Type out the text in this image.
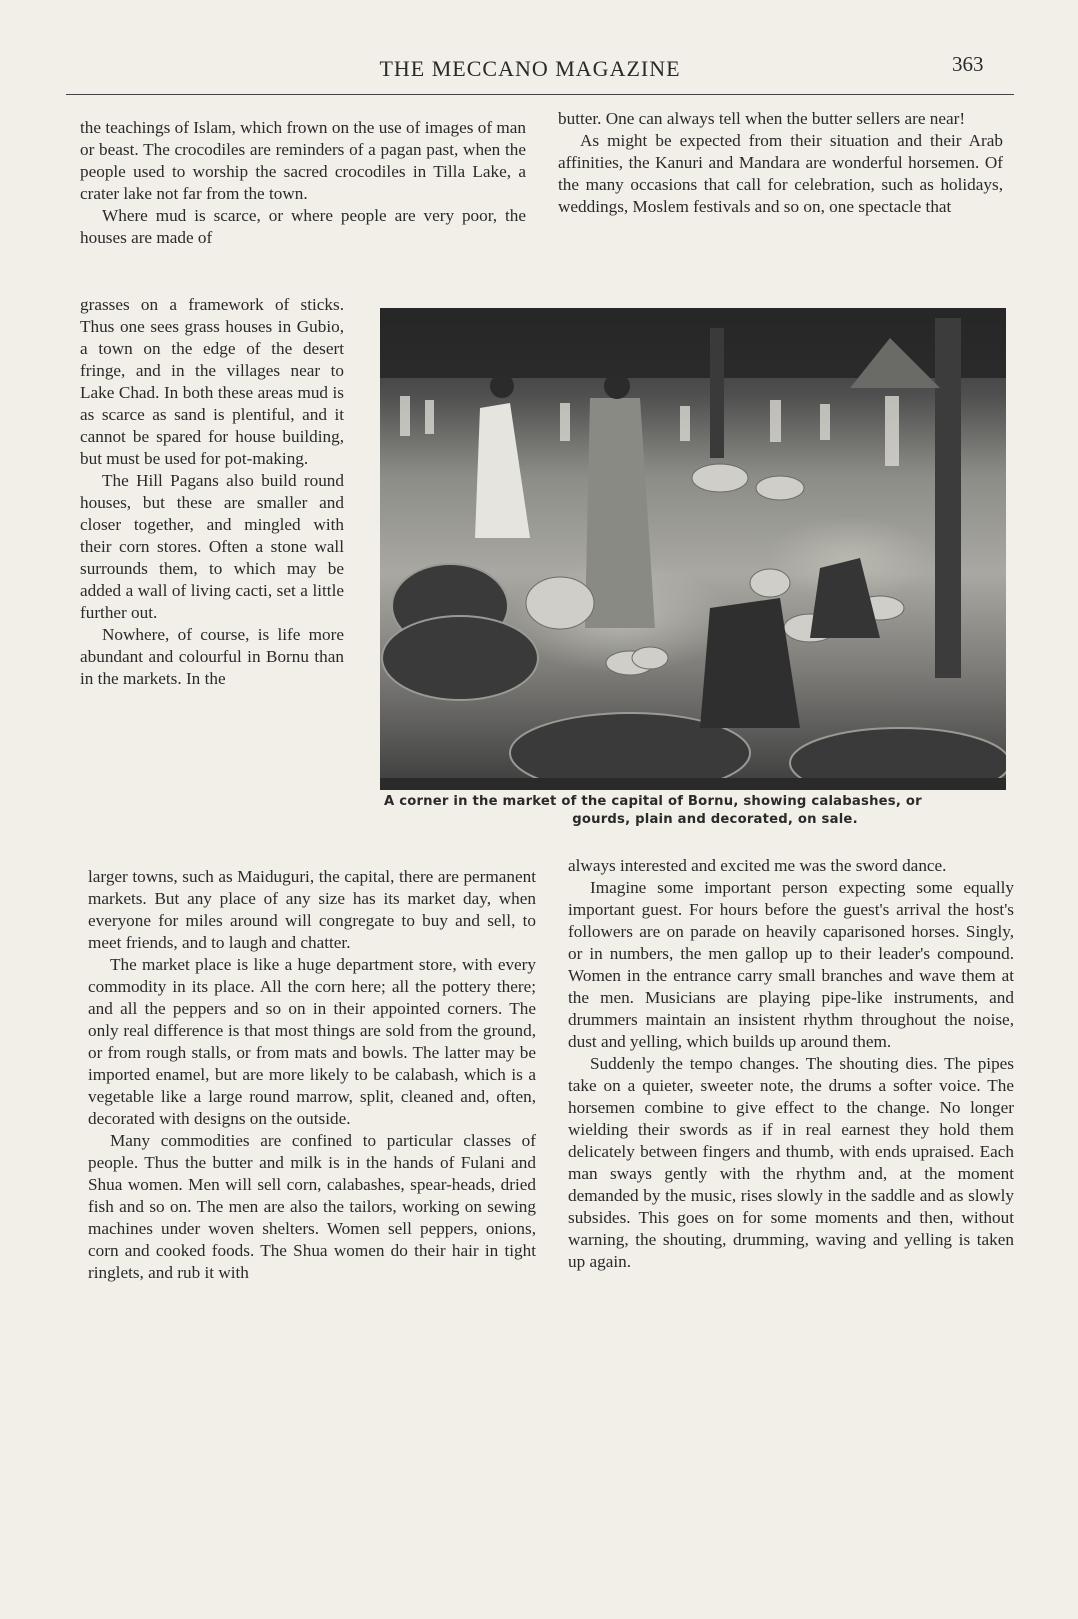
THE MECCANO MAGAZINE	363

the teachings of Islam, which frown on the use of images of man or beast. The crocodiles are reminders of a pagan past, when the people used to worship the sacred crocodiles in Tilla Lake, a crater lake not far from the town.

Where mud is scarce, or where people are very poor, the houses are made of

grasses on a framework of sticks. Thus one sees grass houses in Gubio, a town on the edge of the desert fringe, and in the villages near to Lake Chad. In both these areas mud is as scarce as sand is plentiful, and it cannot be spared for house building, but must be used for pot-making.

The Hill Pagans also build round houses, but these are smaller and closer together, and mingled with their corn stores. Often a stone wall surrounds them, to which may be added a wall of living cacti, set a little further out.

Nowhere, of course, is life more abundant and colourful in Bornu than in the markets. In the

larger towns, such as Maiduguri, the capital, there are permanent markets. But any place of any size has its market day, when everyone for miles around will congregate to buy and sell, to meet friends, and to laugh and chatter.

The market place is like a huge department store, with every commodity in its place. All the corn here; all the pottery there; and all the peppers and so on in their appointed corners. The only real difference is that most things are sold from the ground, or from rough stalls, or from mats and bowls. The latter may be imported enamel, but are more likely to be calabash, which is a vegetable like a large round marrow, split, cleaned and, often, decorated with designs on the outside.

Many commodities are confined to particular classes of people. Thus the butter and milk is in the hands of Fulani and Shua women. Men will sell corn, calabashes, spear-heads, dried fish and so on. The men are also the tailors, working on sewing machines under woven shelters. Women sell peppers, onions, corn and cooked foods. The Shua women do their hair in tight ringlets, and rub it with

butter. One can always tell when the butter sellers are near!

As might be expected from their situation and their Arab affinities, the Kanuri and Mandara are wonderful horsemen. Of the many occasions that call for celebration, such as holidays, weddings, Moslem festivals and so on, one spectacle that

A corner in the market of the capital of Bornu, showing calabashes, or
gourds, plain and decorated, on sale.

always interested and excited me was the sword dance.

Imagine some important person expecting some equally important guest. For hours before the guest's arrival the host's followers are on parade on heavily caparisoned horses. Singly, or in numbers, the men gallop up to their leader's compound. Women in the entrance carry small branches and wave them at the men. Musicians are playing pipe-like instruments, and drummers maintain an insistent rhythm throughout the noise, dust and yelling, which builds up around them.

Suddenly the tempo changes. The shouting dies. The pipes take on a quieter, sweeter note, the drums a softer voice. The horsemen combine to give effect to the change. No longer wielding their swords as if in real earnest they hold them delicately between fingers and thumb, with ends upraised. Each man sways gently with the rhythm and, at the moment demanded by the music, rises slowly in the saddle and as slowly subsides. This goes on for some moments and then, without warning, the shouting, drumming, waving and yelling is taken up again.
